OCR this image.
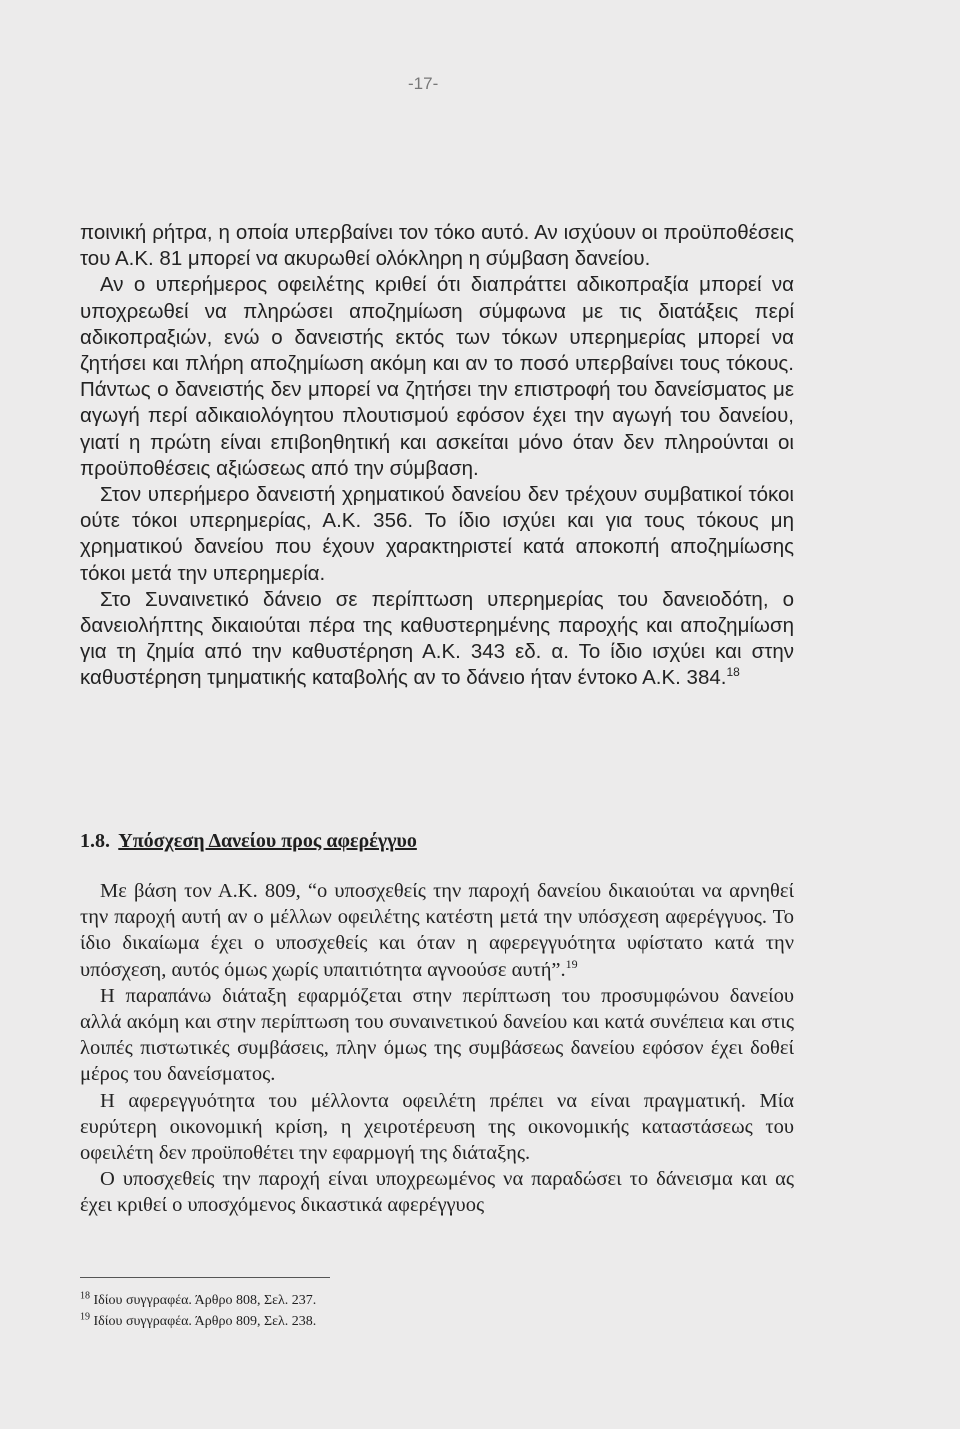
-17-

ποινική ρήτρα, η οποία υπερβαίνει τον τόκο αυτό. Αν ισχύουν οι προϋποθέσεις του Α.Κ. 81 μπορεί να ακυρωθεί ολόκληρη η σύμβαση δανείου.

Αν ο υπερήμερος οφειλέτης κριθεί ότι διαπράττει αδικοπραξία μπορεί να υποχρεωθεί να πληρώσει αποζημίωση σύμφωνα με τις διατάξεις περί αδικοπραξιών, ενώ ο δανειστής εκτός των τόκων υπερημερίας μπορεί να ζητήσει και πλήρη αποζημίωση ακόμη και αν το ποσό υπερβαίνει τους τόκους. Πάντως ο δανειστής δεν μπορεί να ζητήσει την επιστροφή του δανείσματος με αγωγή περί αδικαιολόγητου πλουτισμού εφόσον έχει την αγωγή του δανείου, γιατί η πρώτη είναι επιβοηθητική και ασκείται μόνο όταν δεν πληρούνται οι προϋποθέσεις αξιώσεως από την σύμβαση.

Στον υπερήμερο δανειστή χρηματικού δανείου δεν τρέχουν συμβατικοί τόκοι ούτε τόκοι υπερημερίας, Α.Κ. 356. Το ίδιο ισχύει και για τους τόκους μη χρηματικού δανείου που έχουν χαρακτηριστεί κατά αποκοπή αποζημίωσης τόκοι μετά την υπερημερία.

Στο Συναινετικό δάνειο σε περίπτωση υπερημερίας του δανειοδότη, ο δανειολήπτης δικαιούται πέρα της καθυστερημένης παροχής και αποζημίωση για τη ζημία από την καθυστέρηση Α.Κ. 343 εδ. α. Το ίδιο ισχύει και στην καθυστέρηση τμηματικής καταβολής αν το δάνειο ήταν έντοκο Α.Κ. 384.18

1.8. Υπόσχεση Δανείου προς αφερέγγυο

Με βάση τον Α.Κ. 809, “ο υποσχεθείς την παροχή δανείου δικαιούται να αρνηθεί την παροχή αυτή αν ο μέλλων οφειλέτης κατέστη μετά την υπόσχεση αφερέγγυος. Το ίδιο δικαίωμα έχει ο υποσχεθείς και όταν η αφερεγγυότητα υφίστατο κατά την υπόσχεση, αυτός όμως χωρίς υπαιτιότητα αγνοούσε αυτή”.$^{19}$

Η παραπάνω διάταξη εφαρμόζεται στην περίπτωση του προσυμφώνου δανείου αλλά ακόμη και στην περίπτωση του συναινετικού δανείου και κατά συνέπεια και στις λοιπές πιστωτικές συμβάσεις, πλην όμως της συμβάσεως δανείου εφόσον έχει δοθεί μέρος του δανείσματος.

Η αφερεγγυότητα του μέλλοντα οφειλέτη πρέπει να είναι πραγματική. Μία ευρύτερη οικονομική κρίση, η χειροτέρευση της οικονομικής καταστάσεως του οφειλέτη δεν προϋποθέτει την εφαρμογή της διάταξης.

Ο υποσχεθείς την παροχή είναι υποχρεωμένος να παραδώσει το δάνεισμα και ας έχει κριθεί ο υποσχόμενος δικαστικά αφερέγγυος

$^{18}$ Ιδίου συγγραφέα. Άρθρο 808, Σελ. 237.

$^{19}$ Ιδίου συγγραφέα. Άρθρο 809, Σελ. 238.
